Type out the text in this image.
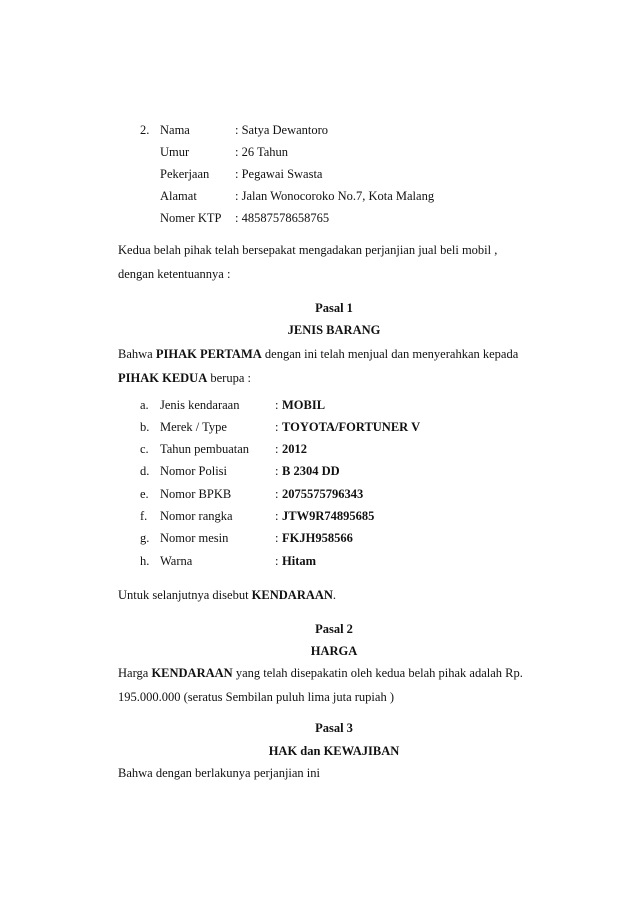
2. Nama	: Satya Dewantoro
Umur	: 26 Tahun
Pekerjaan : Pegawai Swasta
Alamat	: Jalan Wonocoroko No.7, Kota Malang
Nomer KTP : 48587578658765
Kedua belah pihak telah bersepakat mengadakan perjanjian jual beli mobil ,
dengan ketentuannya :
Pasal 1
JENIS BARANG
Bahwa PIHAK PERTAMA dengan ini telah menjual dan menyerahkan kepada
PIHAK KEDUA berupa :
a. Jenis kendaraan	: MOBIL
b. Merek / Type	: TOYOTA/FORTUNER V
c. Tahun pembuatan : 2012
d. Nomor Polisi	: B 2304 DD
e. Nomor BPKB	: 2075575796343
f. Nomor rangka	: JTW9R74895685
g. Nomor mesin	: FKJH958566
h. Warna	: Hitam
Untuk selanjutnya disebut KENDARAAN.
Pasal 2
HARGA
Harga KENDARAAN yang telah disepakatin oleh kedua belah pihak adalah Rp.
195.000.000 (seratus Sembilan puluh lima juta rupiah )
Pasal 3
HAK dan KEWAJIBAN
Bahwa dengan berlakunya perjanjian ini
